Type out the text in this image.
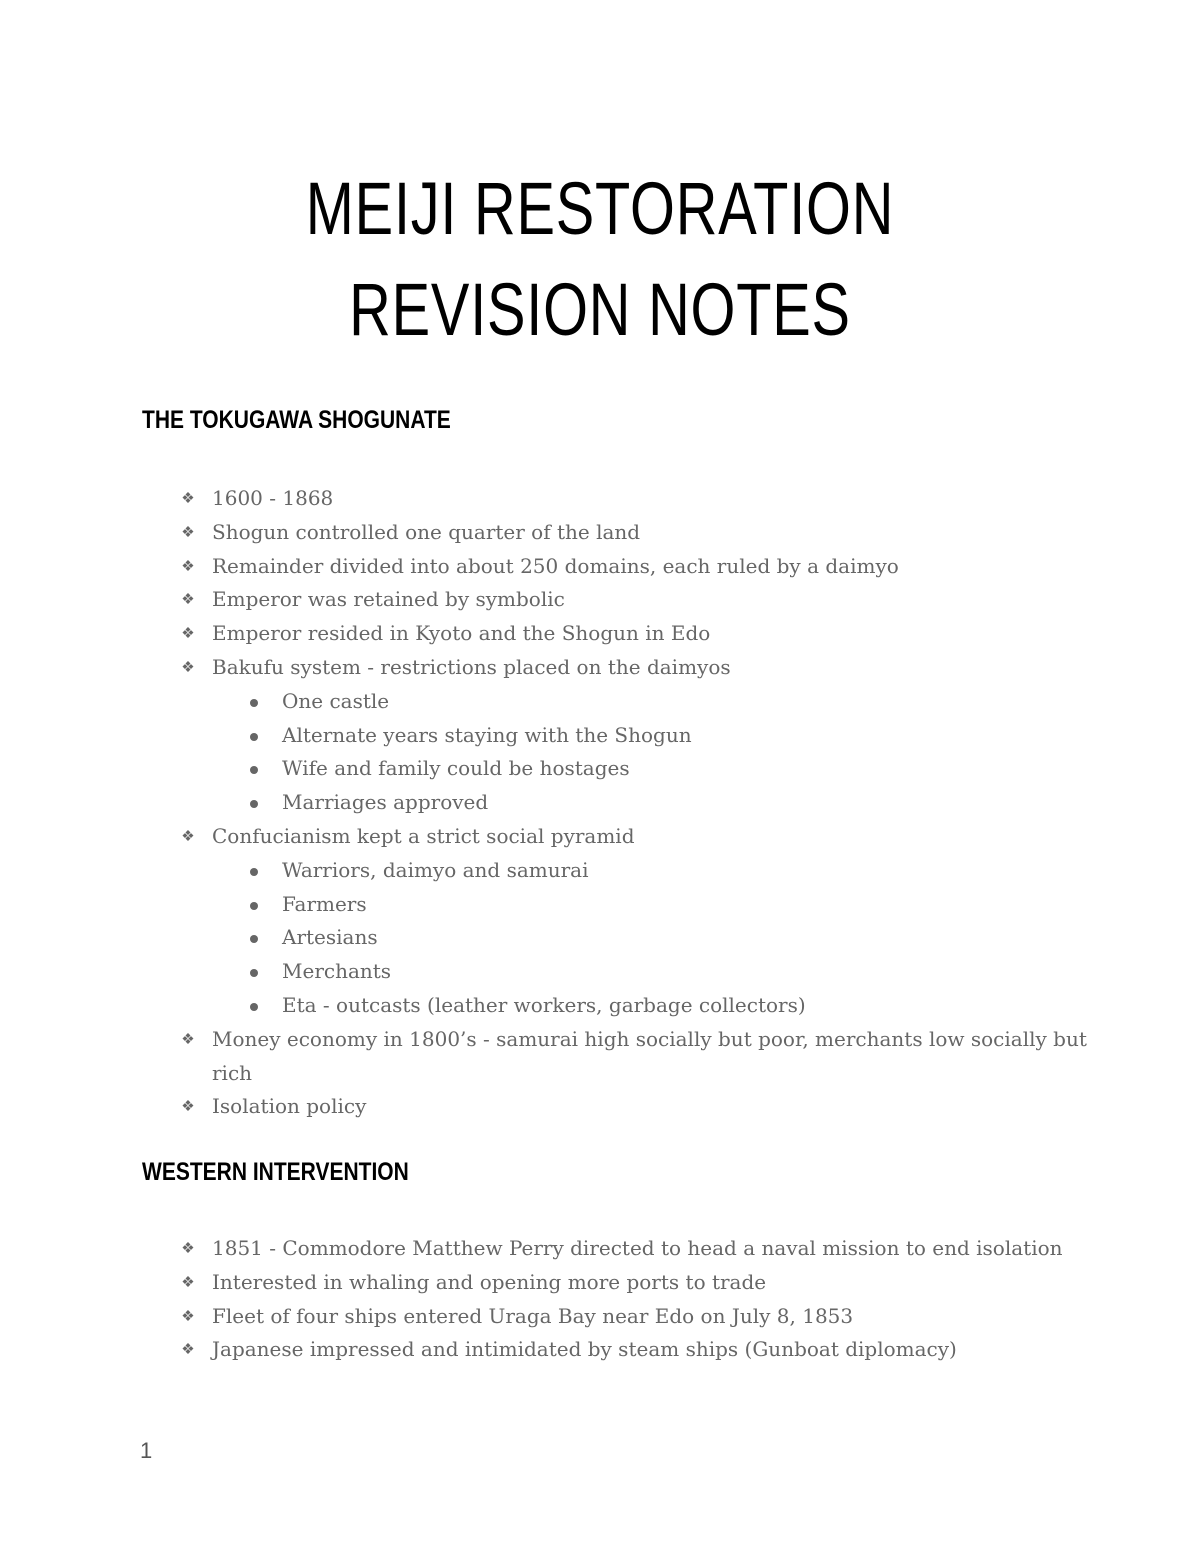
MEIJI RESTORATION
REVISION NOTES
THE TOKUGAWA SHOGUNATE
❖ 1600 - 1868
❖ Shogun controlled one quarter of the land
❖ Remainder divided into about 250 domains, each ruled by a daimyo
❖ Emperor was retained by symbolic
❖ Emperor resided in Kyoto and the Shogun in Edo
❖ Bakufu system - restrictions placed on the daimyos
One castle
Alternate years staying with the Shogun
Wife and family could be hostages
Marriages approved
❖ Confucianism kept a strict social pyramid
Warriors, daimyo and samurai
Farmers
Artesians
Merchants
Eta - outcasts (leather workers, garbage collectors)
❖ Money economy in 1800’s - samurai high socially but poor, merchants low socially but rich
❖ Isolation policy
WESTERN INTERVENTION
❖ 1851 - Commodore Matthew Perry directed to head a naval mission to end isolation
❖ Interested in whaling and opening more ports to trade
❖ Fleet of four ships entered Uraga Bay near Edo on July 8, 1853
❖ Japanese impressed and intimidated by steam ships (Gunboat diplomacy)
1
